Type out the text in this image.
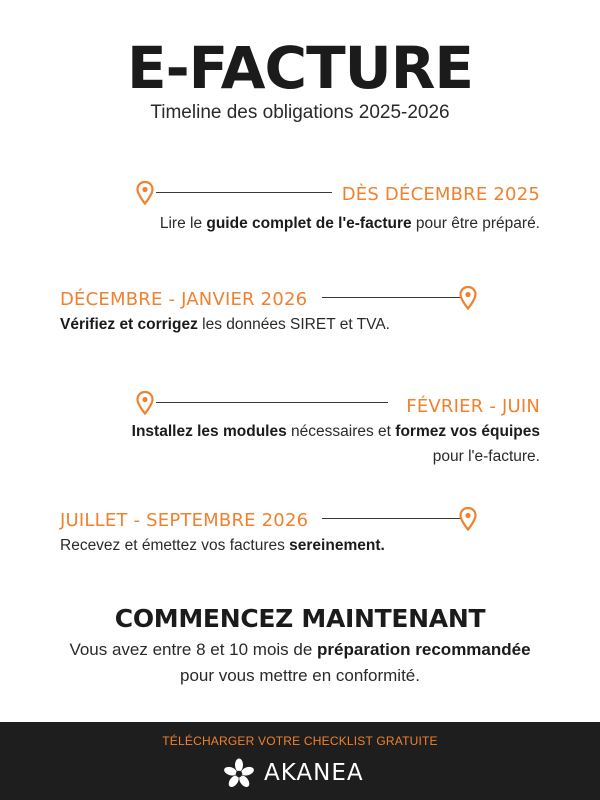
E-FACTURE
Timeline des obligations 2025-2026
DÈS DÉCEMBRE 2025
Lire le guide complet de l'e-facture pour être préparé.
DÉCEMBRE - JANVIER 2026
Vérifiez et corrigez les données SIRET et TVA.
FÉVRIER - JUIN
Installez les modules nécessaires et formez vos équipes
pour l'e-facture.
JUILLET - SEPTEMBRE 2026
Recevez et émettez vos factures sereinement.
COMMENCEZ MAINTENANT
Vous avez entre 8 et 10 mois de préparation recommandée pour vous mettre en conformité.
TÉLÉCHARGER VOTRE CHECKLIST GRATUITE
AKANEA
